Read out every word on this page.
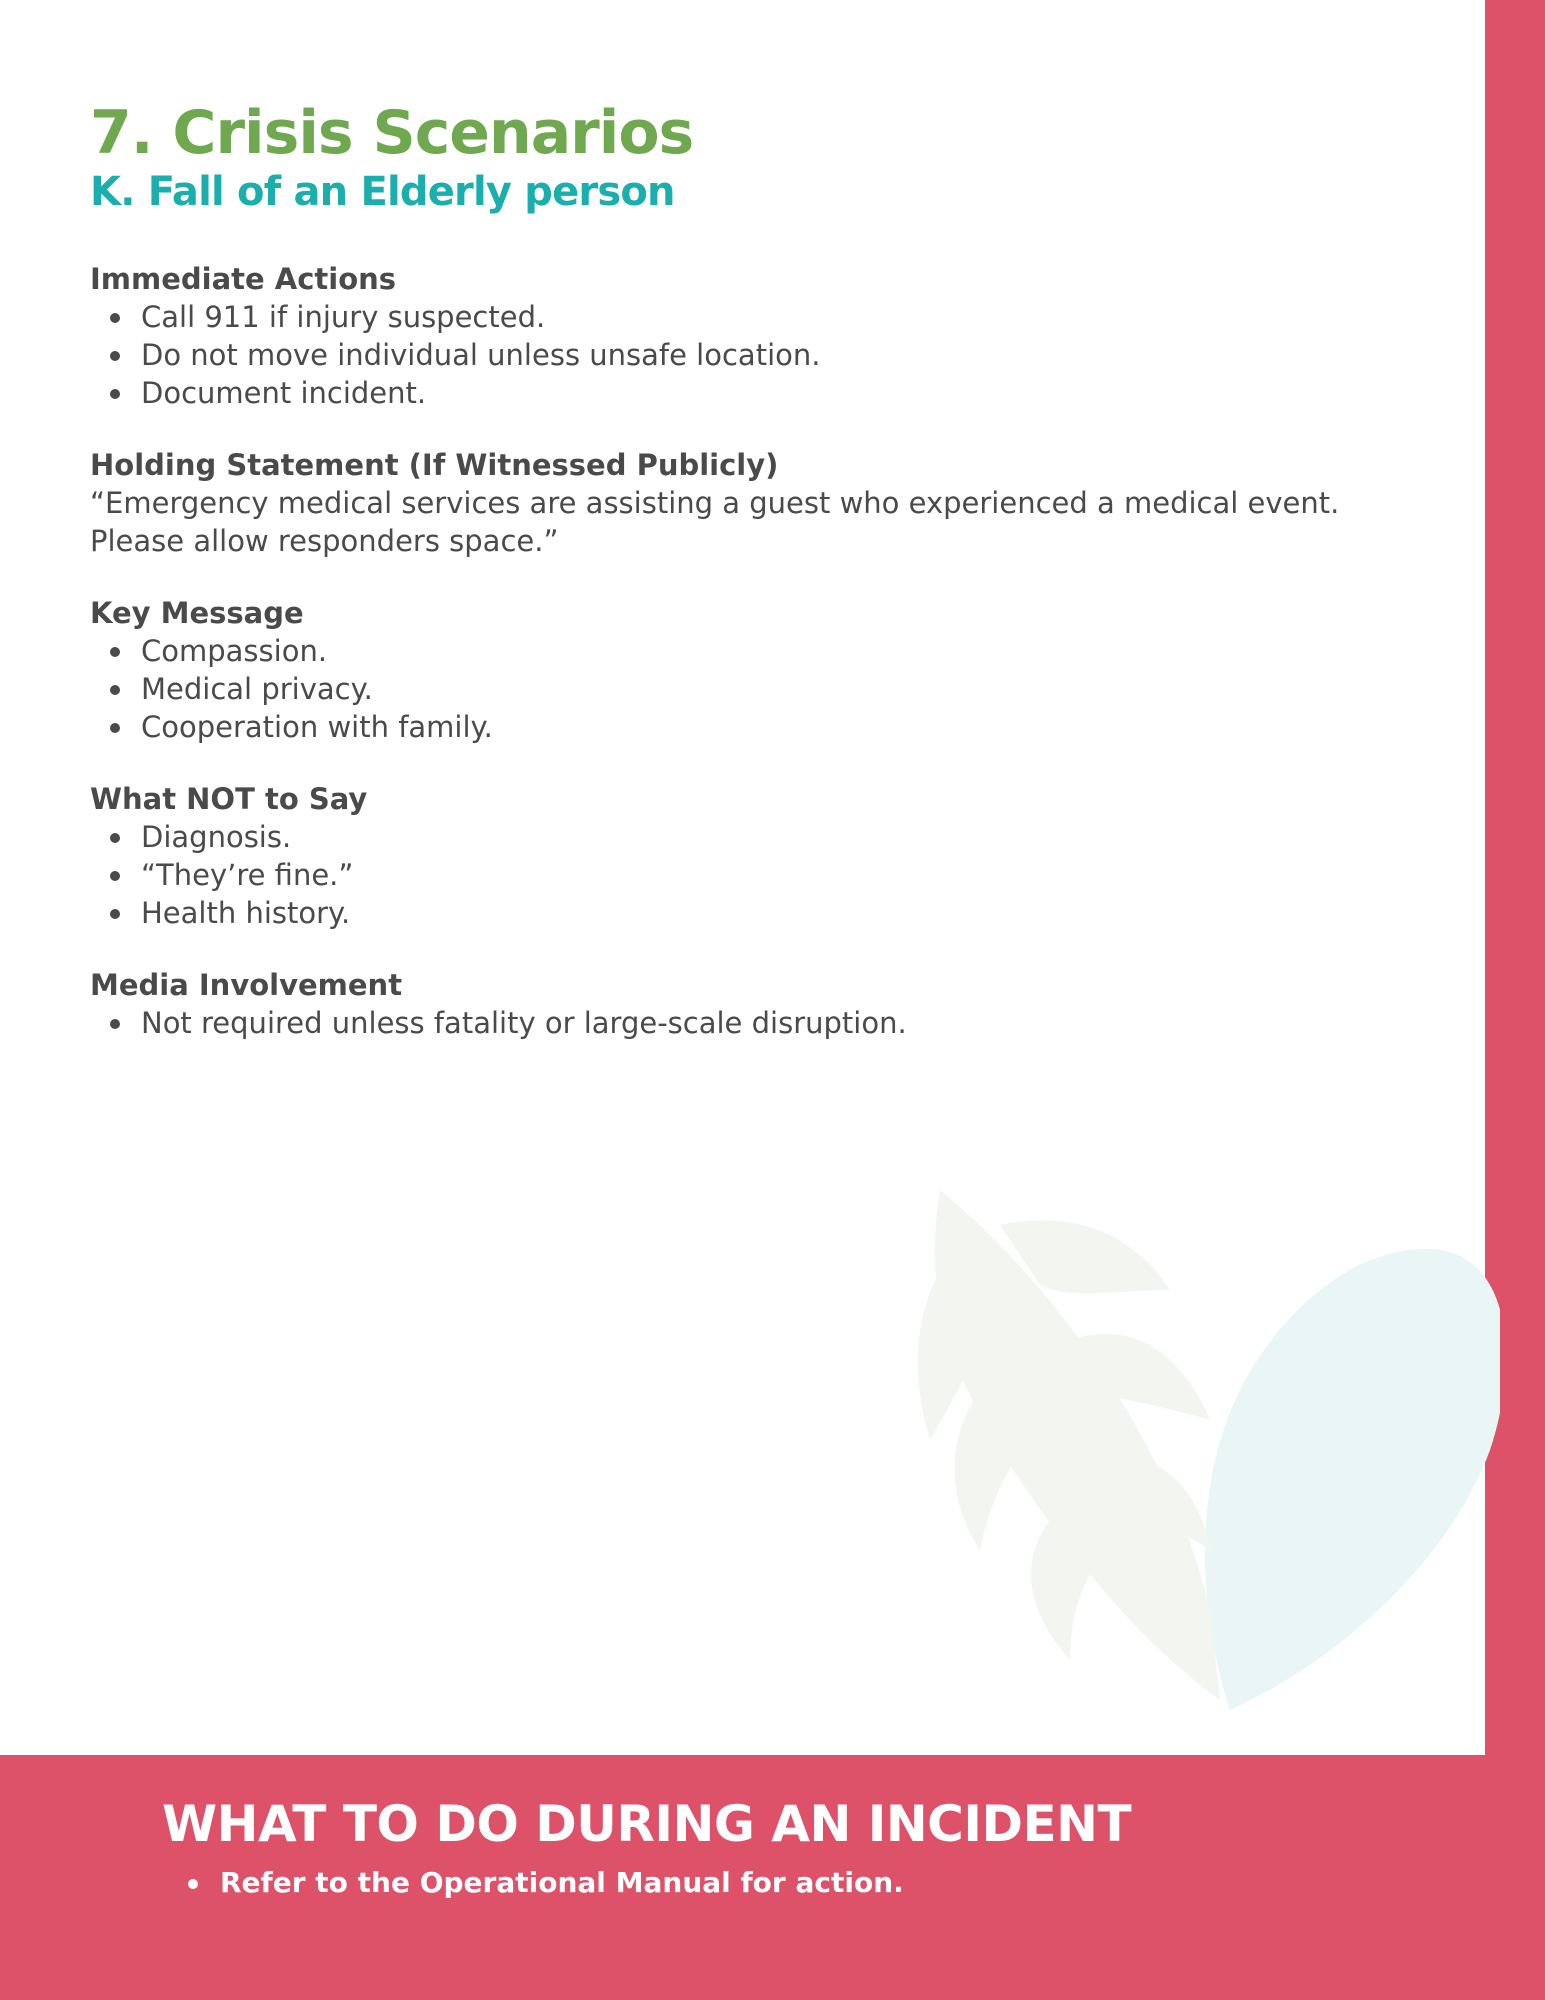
7. Crisis Scenarios
K. Fall of an Elderly person
Immediate Actions
Call 911 if injury suspected.
Do not move individual unless unsafe location.
Document incident.
Holding Statement (If Witnessed Publicly)

“Emergency medical services are assisting a guest who experienced a medical event.

Please allow responders space.”

Key Message
Compassion.
Medical privacy.
Cooperation with family.
What NOT to Say
Diagnosis.
“They’re fine.”
Health history.
Media Involvement
Not required unless fatality or large-scale disruption.
WHAT TO DO DURING AN INCIDENT
Refer to the Operational Manual for action.
